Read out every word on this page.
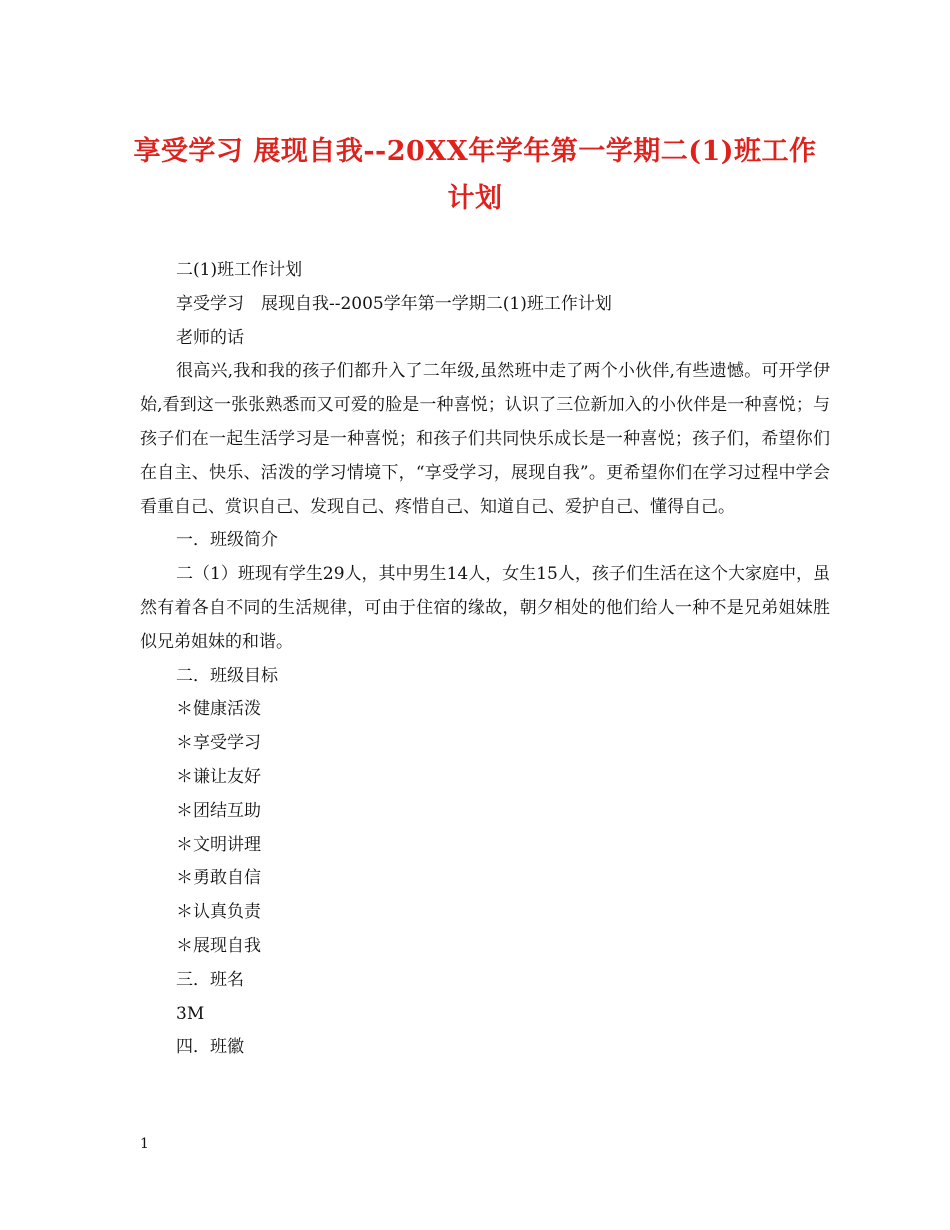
享受学习 展现自我--20XX年学年第一学期二(1)班工作计划
二(1)班工作计划
享受学习　展现自我--2005学年第一学期二(1)班工作计划
老师的话
很高兴,我和我的孩子们都升入了二年级,虽然班中走了两个小伙伴,有些遗憾。可开学伊始,看到这一张张熟悉而又可爱的脸是一种喜悦；认识了三位新加入的小伙伴是一种喜悦；与孩子们在一起生活学习是一种喜悦；和孩子们共同快乐成长是一种喜悦；孩子们，希望你们在自主、快乐、活泼的学习情境下，“享受学习，展现自我”。更希望你们在学习过程中学会看重自己、赏识自己、发现自己、疼惜自己、知道自己、爱护自己、懂得自己。
一．班级简介
二（1）班现有学生29人，其中男生14人，女生15人，孩子们生活在这个大家庭中，虽然有着各自不同的生活规律，可由于住宿的缘故，朝夕相处的他们给人一种不是兄弟姐妹胜似兄弟姐妹的和谐。
二．班级目标
＊健康活泼
＊享受学习
＊谦让友好
＊团结互助
＊文明讲理
＊勇敢自信
＊认真负责
＊展现自我
三．班名
3M
四．班徽
1
